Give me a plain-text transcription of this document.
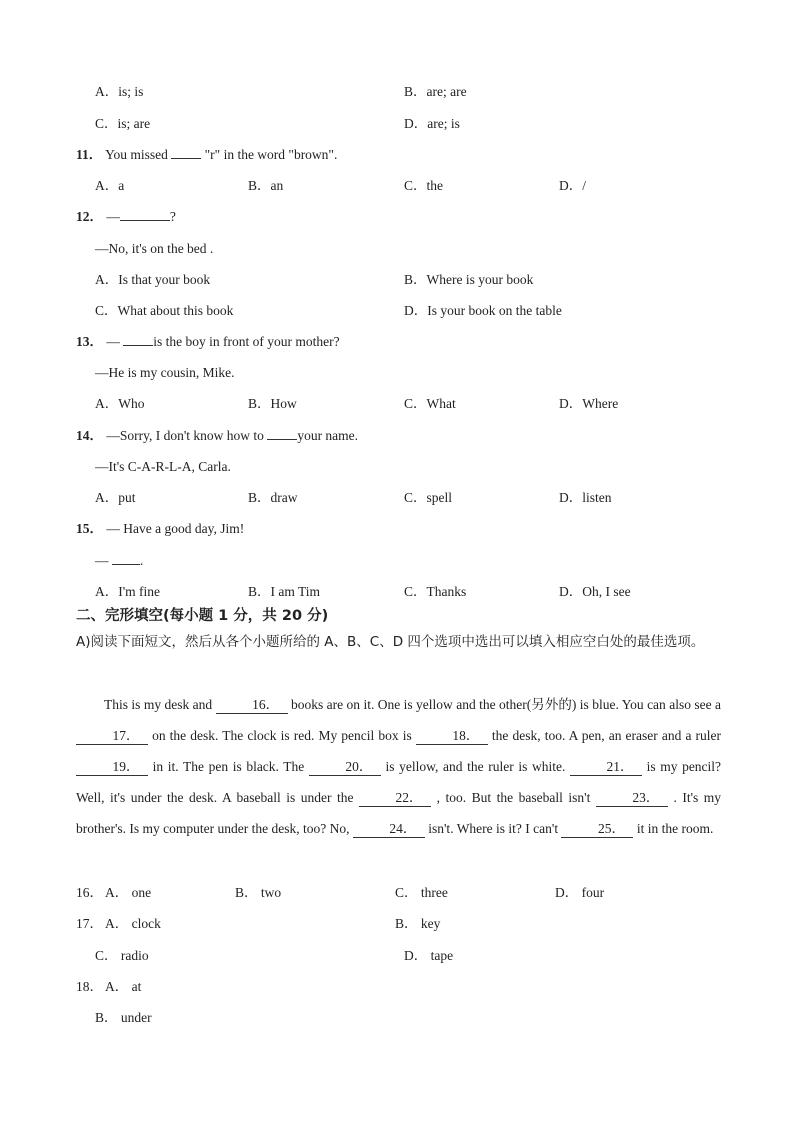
A．is; is	B．are; are
C．is; are	D．are; is
11． You missed	"r" in the word "brown".
A．a	B．an	C．the	D．/
12． —	?
—No, it's on the bed .
A．Is that your book	B．Where is your book
C．What about this book	D．Is your book on the table
13． — is the boy in front of your mother?
—He is my cousin, Mike.
A．Who	B．How	C．What	D．Where
14． —Sorry, I don't know how to your name.
—It's C-A-R-L-A, Carla.
A．put	B．draw	C．spell	D．listen
15． — Have a good day, Jim!
— .
A．I'm fine	B．I am Tim	C．Thanks	D．Oh, I see
二、完形填空(每小题 1 分，共 20 分)
A)阅读下面短文，然后从各个小题所给的 A、B、C、D 四个选项中选出可以填入相应空白处的最佳选项。
This is my desk and	16． books are on it. One is yellow and the other(另外的) is blue. You can also see a 17． on the desk. The clock is red. My pencil box is	18． the desk, too. A pen, an eraser and a ruler 19． in it. The pen is black. The	20． is yellow, and the ruler is white.	21． is my pencil? Well, it's under the desk. A baseball is under the	22． , too. But the baseball isn't	23． . It's my brother's. Is my computer under the desk, too? No,	24． isn't. Where is it? I can't	25． it in the room.
16． A． one	B． two	C． three	D． four
17． A． clock	B． key
C． radio	D． tape
18． A． at
B． under
